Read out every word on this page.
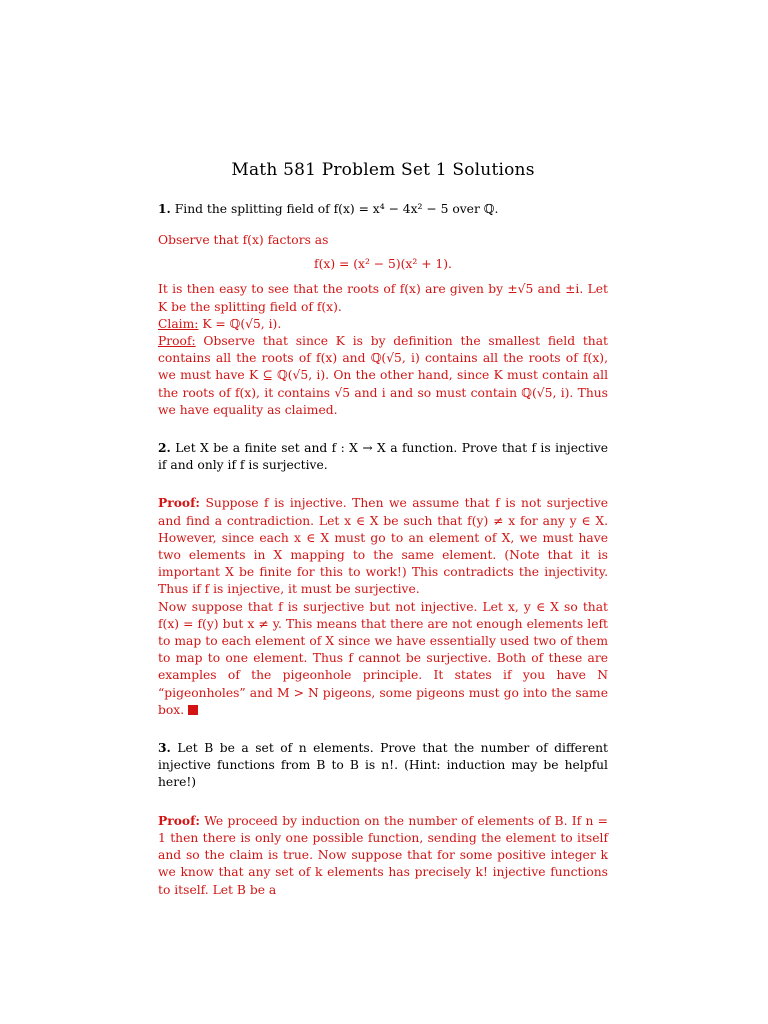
Math 581 Problem Set 1 Solutions

1. Find the splitting field of f(x) = x⁴ − 4x² − 5 over ℚ.

Observe that f(x) factors as

f(x) = (x² − 5)(x² + 1).

It is then easy to see that the roots of f(x) are given by ±√5 and ±i. Let K be the splitting field of f(x).

Claim: K = ℚ(√5, i).

Proof: Observe that since K is by definition the smallest field that contains all the roots of f(x) and ℚ(√5, i) contains all the roots of f(x), we must have K ⊆ ℚ(√5, i). On the other hand, since K must contain all the roots of f(x), it contains √5 and i and so must contain ℚ(√5, i). Thus we have equality as claimed.

2. Let X be a finite set and f : X → X a function. Prove that f is injective if and only if f is surjective.

Proof: Suppose f is injective. Then we assume that f is not surjective and find a contradiction. Let x ∈ X be such that f(y) ≠ x for any y ∈ X. However, since each x ∈ X must go to an element of X, we must have two elements in X mapping to the same element. (Note that it is important X be finite for this to work!) This contradicts the injectivity. Thus if f is injective, it must be surjective.

Now suppose that f is surjective but not injective. Let x, y ∈ X so that f(x) = f(y) but x ≠ y. This means that there are not enough elements left to map to each element of X since we have essentially used two of them to map to one element. Thus f cannot be surjective. Both of these are examples of the pigeonhole principle. It states if you have N “pigeonholes” and M > N pigeons, some pigeons must go into the same box.

3. Let B be a set of n elements. Prove that the number of different injective functions from B to B is n!. (Hint: induction may be helpful here!)

Proof: We proceed by induction on the number of elements of B. If n = 1 then there is only one possible function, sending the element to itself and so the claim is true. Now suppose that for some positive integer k we know that any set of k elements has precisely k! injective functions to itself. Let B be a
